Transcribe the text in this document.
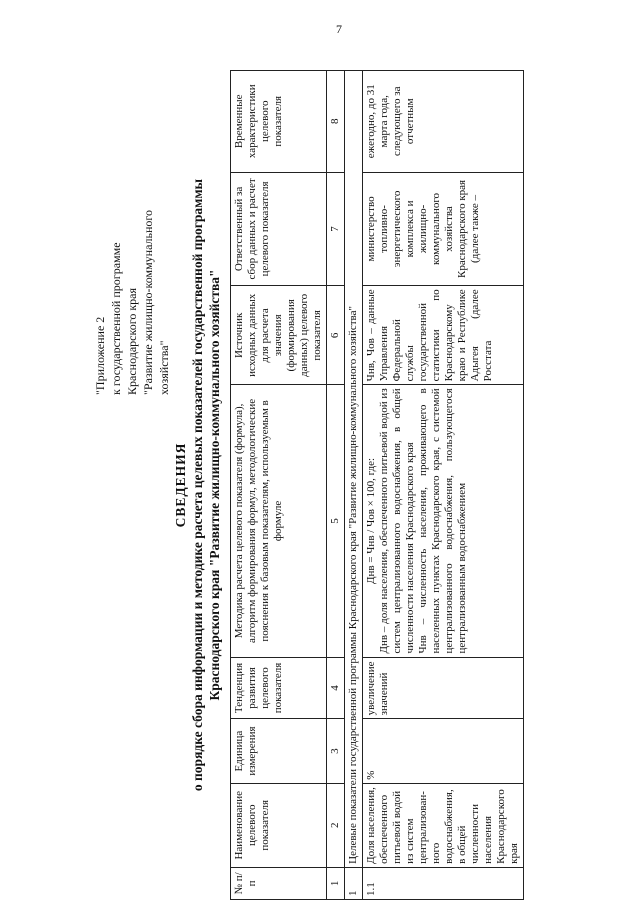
7
"Приложение 2 к государственной программе Краснодарского края "Развитие жилищно-коммунального хозяйства"
СВЕДЕНИЯ о порядке сбора информации и методике расчета целевых показателей государственной программы Краснодарского края "Развитие жилищно-коммунального хозяйства"
№ п/п	Наименование целевого показателя	Единица измерения	Тенденция развития целевого показателя	Методика расчета целевого показателя (формула), алгоритм формирования формул, методологические пояснения к базовым показателям, используемым в формуле	Источник исходных данных для расчета значения (формирования данных) целевого показателя	Ответственный за сбор данных и расчет целевого показателя	Временные характеристики целевого показателя
1	2	3	4	5	6	7	8
1	Целевые показатели государственной программы Краснодарского края "Развитие жилищно-коммунального хозяйства"						
1.1	Доля населения, обеспеченного питьевой водой из систем централизован-ного водоснабжения, в общей численности населения Краснодарского края	%	увеличение значений	Днв = Чнв / Чов × 100, где: Днв – доля населения, обеспеченного питьевой водой из систем централизованного водоснабжения, в общей численности населения Краснодарского края Чнв – численность населения, проживающего в населенных пунктах Краснодарского края, с системой централизованного водоснабжения, пользующегося централизованным водоснабжением	Чнв, Чов – данные Управления Федеральной службы государственной статистики по Краснодарскому краю и Республике Адыгея (далее Росстата	министерство топливно-энергетического комплекса и жилищно-коммунального хозяйства Краснодарского края (далее также –	ежегодно, до 31 марта года, следующего за отчетным
